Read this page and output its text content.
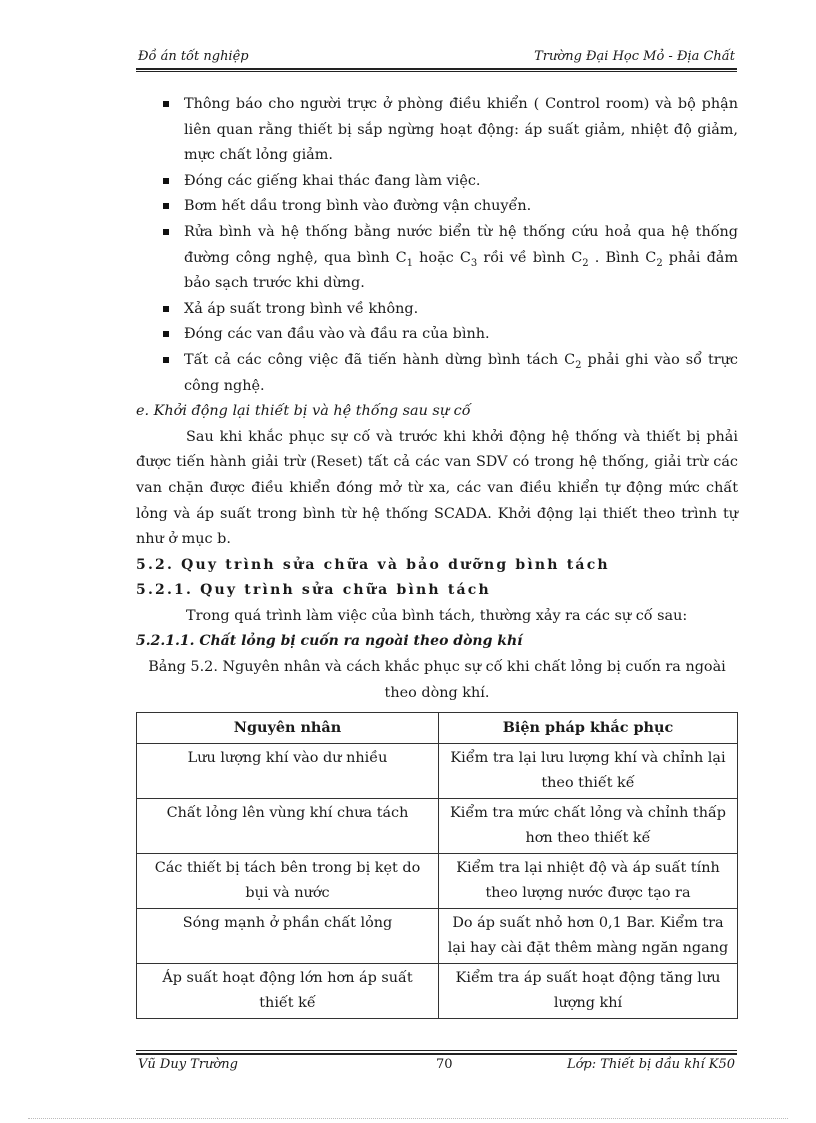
Đồ án tốt nghiệp	Trường Đại Học Mỏ - Địa Chất
Thông báo cho người trực ở phòng điều khiển ( Control room) và bộ phận liên quan rằng thiết bị sắp ngừng hoạt động: áp suất giảm, nhiệt độ giảm, mực chất lỏng giảm.
Đóng các giếng khai thác đang làm việc.
Bơm hết dầu trong bình vào đường vận chuyển.
Rửa bình và hệ thống bằng nước biển từ hệ thống cứu hoả qua hệ thống đường công nghệ, qua bình $C_1$ hoặc $C_3$ rồi về bình $C_2$ . Bình $C_2$ phải đảm bảo sạch trước khi dừng.
Xả áp suất trong bình về không.
Đóng các van đầu vào và đầu ra của bình.
Tất cả các công việc đã tiến hành dừng bình tách $C_2$ phải ghi vào sổ trực công nghệ.

e. Khởi động lại thiết bị và hệ thống sau sự cố

Sau khi khắc phục sự cố và trước khi khởi động hệ thống và thiết bị phải được tiến hành giải trừ (Reset) tất cả các van SDV có trong hệ thống, giải trừ các van chặn được điều khiển đóng mở từ xa, các van điều khiển tự động mức chất lỏng và áp suất trong bình từ hệ thống SCADA. Khởi động lại thiết theo trình tự như ở mục b.

5.2. Quy trình sửa chữa và bảo dưỡng bình tách

5.2.1. Quy trình sửa chữa bình tách

Trong quá trình làm việc của bình tách, thường xảy ra các sự cố sau:

5.2.1.1. Chất lỏng bị cuốn ra ngoài theo dòng khí

Bảng 5.2. Nguyên nhân và cách khắc phục sự cố khi chất lỏng bị cuốn ra ngoài theo dòng khí.

Nguyên nhân	Biện pháp khắc phục
Lưu lượng khí vào dư nhiều	Kiểm tra lại lưu lượng khí và chỉnh lại theo thiết kế
Chất lỏng lên vùng khí chưa tách	Kiểm tra mức chất lỏng và chỉnh thấp hơn theo thiết kế
Các thiết bị tách bên trong bị kẹt do bụi và nước	Kiểm tra lại nhiệt độ và áp suất tính theo lượng nước được tạo ra
Sóng mạnh ở phần chất lỏng	Do áp suất nhỏ hơn 0,1 Bar. Kiểm tra lại hay cài đặt thêm màng ngăn ngang
Áp suất hoạt động lớn hơn áp suất thiết kế	Kiểm tra áp suất hoạt động tăng lưu lượng khí
Vũ Duy Trường	70	Lớp: Thiết bị dầu khí K50
